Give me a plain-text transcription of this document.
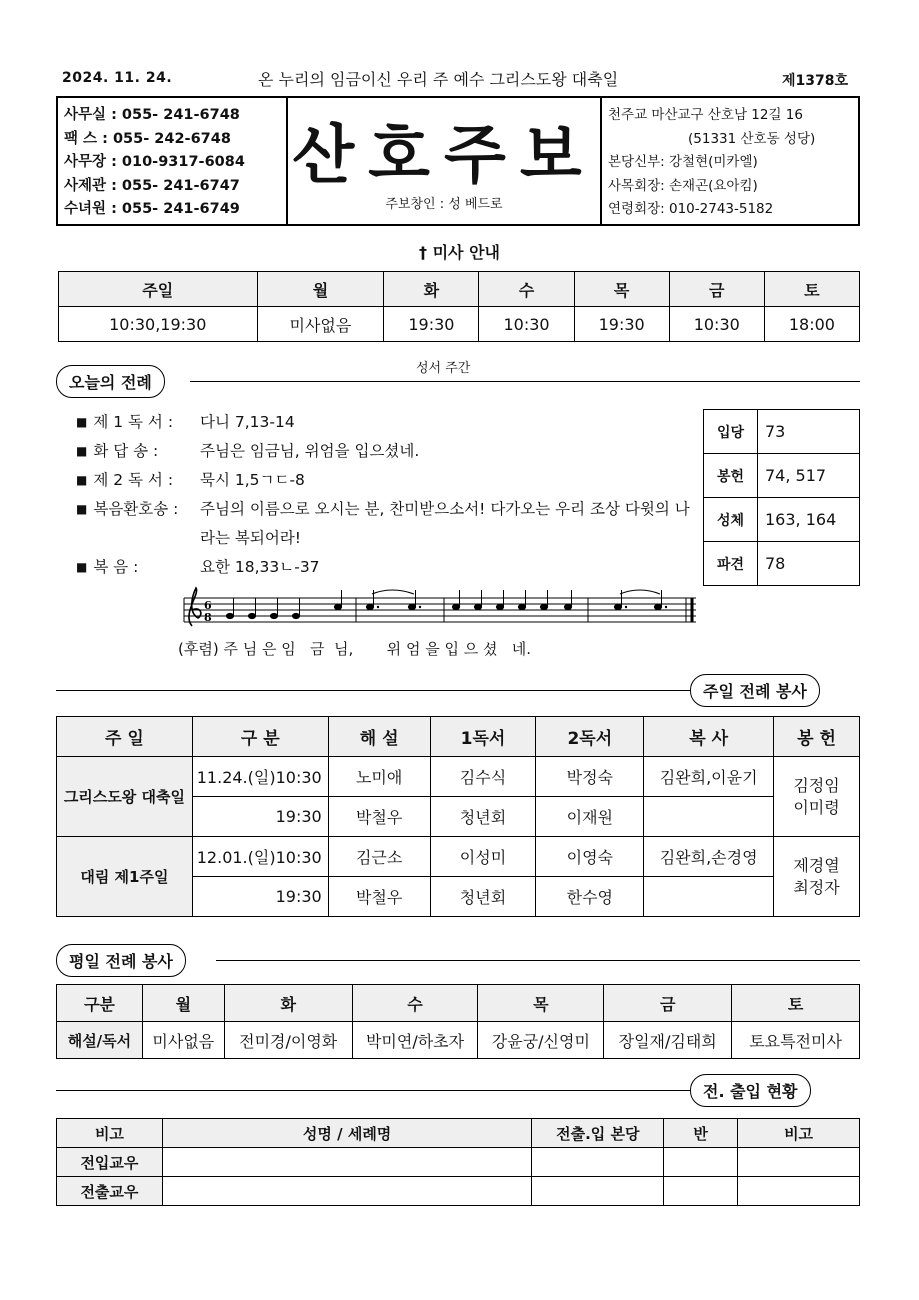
2024. 11. 24.	온 누리의 임금이신 우리 주 예수 그리스도왕 대축일	제1378호
사무실 : 055- 241-6748
팩 스 : 055- 242-6748
사무장 : 010-9317-6084
사제관 : 055- 241-6747
수녀원 : 055- 241-6749
산호주보
주보창인 : 성 베드로
천주교 마산교구 산호남 12길 16
(51331 산호동 성당)
본당신부: 강철현(미카엘)
사목회장: 손재곤(요아킴)
연령회장: 010-2743-5182
† 미사 안내
주일	월	화	수	목	금	토
10:30,19:30	미사없음	19:30	10:30	19:30	10:30	18:00
오늘의 전례
성서 주간
■ 제 1 독 서 :	다니 7,13-14
■ 화 답 송 :	주님은 임금님, 위엄을 입으셨네.
■ 제 2 독 서 :	묵시 1,5ㄱㄷ-8
■ 복음환호송 :	주님의 이름으로 오시는 분, 찬미받으소서! 다가오는 우리 조상 다윗의 나라는 복되어라!
■ 복 음 :	요한 18,33ㄴ-37
입당	73
봉헌	74, 517
성체	163, 164
파견	78
6
8
(후렴) 주 님 은 임   금  님,       위 엄 을 입 으 셨   네.
주일 전례 봉사
주 일	구 분	해 설	1독서	2독서	복 사	봉 헌
그리스도왕 대축일	11.24.(일)10:30	노미애	김수식	박정숙	김완희,이윤기	김정임 이미령
	19:30	박철우	청년회	이재원		
대림 제1주일	12.01.(일)10:30	김근소	이성미	이영숙	김완희,손경영	제경열 최정자
	19:30	박철우	청년회	한수영		
평일 전례 봉사
구분	월	화	수	목	금	토
해설/독서	미사없음	전미경/이영화	박미연/하초자	강윤궁/신영미	장일재/김태희	토요특전미사
전. 출입 현황
비고	성명 / 세례명	전출.입 본당	반	비고
전입교우				
전출교우				
